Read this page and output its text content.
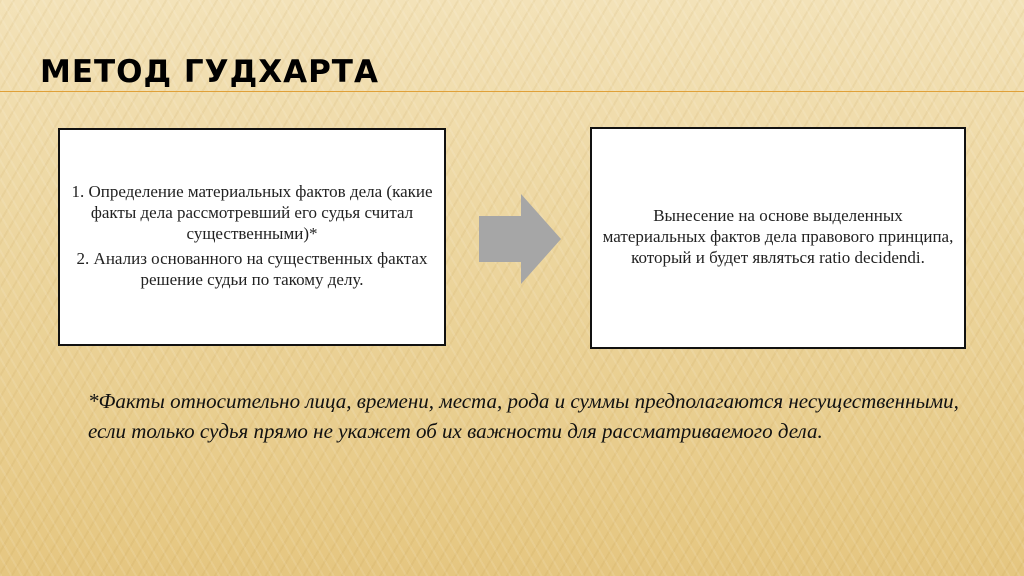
МЕТОД ГУДХАРТА

1. Определение материальных фактов дела (какие факты дела рассмотревший его судья считал существенными)*

2. Анализ основанного на существенных фактах решение судьи по такому делу.

Вынесение на основе выделенных материальных фактов дела правового принципа, который и будет являться ratio decidendi.

*Факты относительно лица, времени, места, рода и суммы предполагаются несущественными, если только судья прямо не укажет об их важности для рассматриваемого дела.
